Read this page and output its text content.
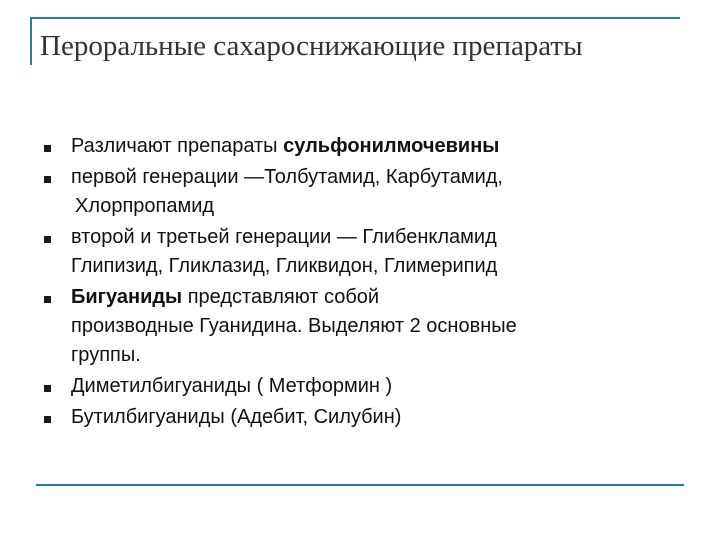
Пероральные сахароснижающие препараты
Различают препараты сульфонилмочевины
первой генерации —Толбутамид, Карбутамид,
Хлорпропамид
второй и третьей генерации — Глибенкламид
Глипизид, Гликлазид, Гликвидон, Глимерипид
Бигуаниды представляют собой
производные Гуанидина. Выделяют 2 основные
группы.
Диметилбигуаниды ( Метформин )
Бутилбигуаниды (Адебит, Силубин)
